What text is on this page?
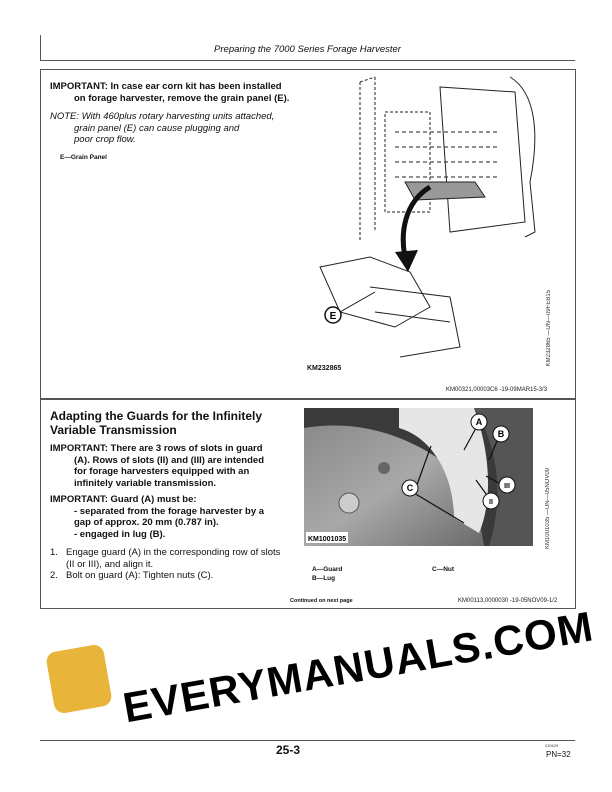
Preparing the 7000 Series Forage Harvester
IMPORTANT: In case ear corn kit has been installed
on forage harvester, remove the grain panel (E).
NOTE: With 460plus rotary harvesting units attached,
grain panel (E) can cause plugging and
poor crop flow.
E—Grain Panel
E
KM232865
KM232865 —UN—09FEB15
KM00321,00003C6 -19-09MAR15-3/3
Adapting the Guards for the Infinitely
Variable Transmission
IMPORTANT: There are 3 rows of slots in guard
(A). Rows of slots (II) and (III) are intended
for forage harvesters equipped with an
infinitely variable transmission.
IMPORTANT: Guard (A) must be:
- separated from the forage harvester by a
gap of approx. 20 mm (0.787 in).
- engaged in lug (B).
1. Engage guard (A) in the corresponding row of slots
(II or III), and align it.
2. Bolt on guard (A): Tighten nuts (C).
A
B
C	III
II
KM1001035	KM1001035 —UN—05NOV09
A—Guard
B—Lug
C—Nut
Continued on next page	KM00113,0000030 -19-05NOV09-1/2
EVERYMANUALS.COM
25-3	030625
PN=32
